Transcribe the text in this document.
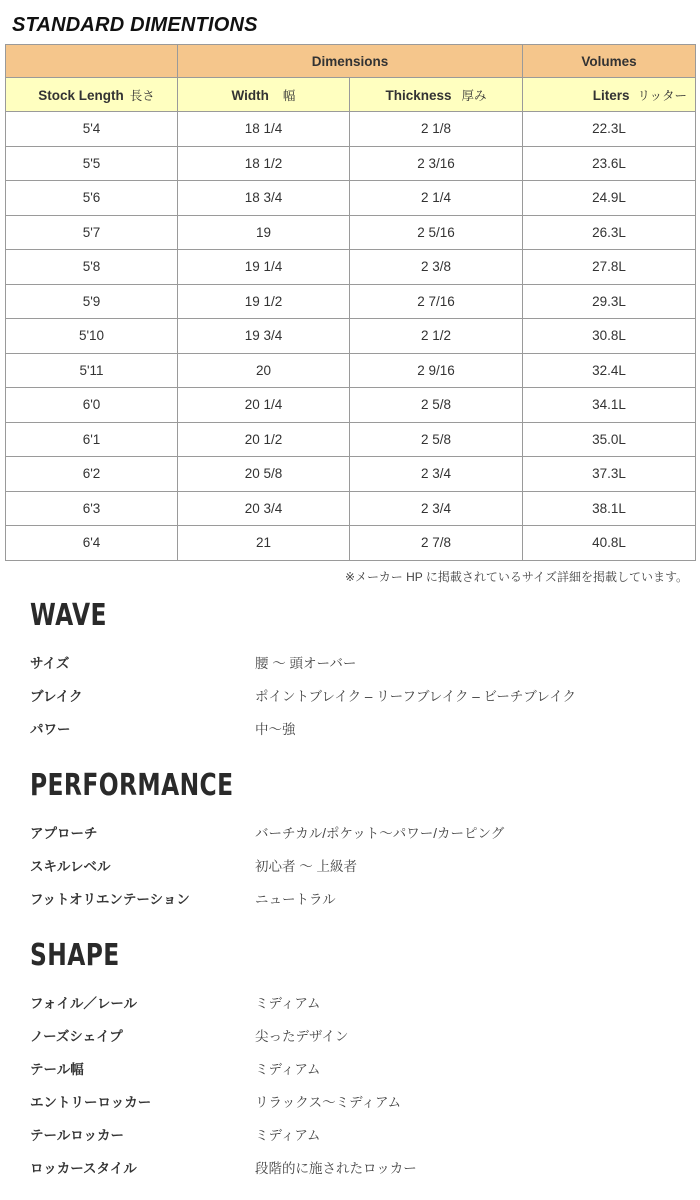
STANDARD DIMENTIONS
	Dimensions		Volumes
Stock Length 長さ	Width 幅	Thickness 厚み	Liters リッター
5'4	18 1/4	2 1/8	22.3L
5'5	18 1/2	2 3/16	23.6L
5'6	18 3/4	2 1/4	24.9L
5'7	19	2 5/16	26.3L
5'8	19 1/4	2 3/8	27.8L
5'9	19 1/2	2 7/16	29.3L
5'10	19 3/4	2 1/2	30.8L
5'11	20	2 9/16	32.4L
6'0	20 1/4	2 5/8	34.1L
6'1	20 1/2	2 5/8	35.0L
6'2	20 5/8	2 3/4	37.3L
6'3	20 3/4	2 3/4	38.1L
6'4	21	2 7/8	40.8L

※メーカー HP に掲載されているサイズ詳細を掲載しています。

WAVE
サイズ	腰 〜 頭オーバー
ブレイク	ポイントブレイク – リーフブレイク – ビーチブレイク
パワー	中〜強
PERFORMANCE
アプローチ	バーチカル/ポケット〜パワー/カーピング
スキルレベル	初心者 〜 上級者
フットオリエンテーション	ニュートラル
SHAPE
フォイル／レール	ミディアム
ノーズシェイプ	尖ったデザイン
テール幅	ミディアム
エントリーロッカー	リラックス〜ミディアム
テールロッカー	ミディアム
ロッカースタイル	段階的に施されたロッカー
